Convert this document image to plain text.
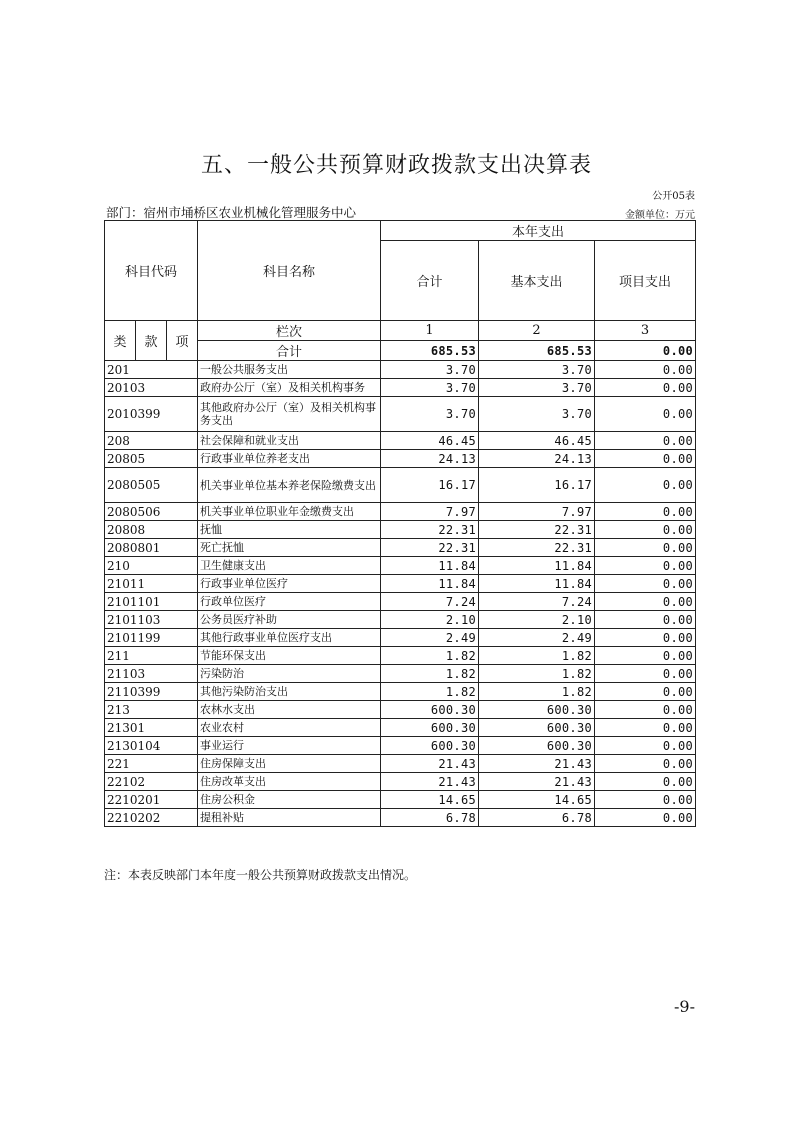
五、一般公共预算财政拨款支出决算表
公开05表
部门：宿州市埇桥区农业机械化管理服务中心	金额单位：万元
科目代码			科目名称	本年支出		
				合计	基本支出	项目支出
类	款	项	栏次	1	2	3
			合计	685.53	685.53	0.00
201			一般公共服务支出	3.70	3.70	0.00
20103			政府办公厅（室）及相关机构事务	3.70	3.70	0.00
2010399			其他政府办公厅（室）及相关机构事务支出	3.70	3.70	0.00
208			社会保障和就业支出	46.45	46.45	0.00
20805			行政事业单位养老支出	24.13	24.13	0.00
2080505			机关事业单位基本养老保险缴费支出	16.17	16.17	0.00
2080506			机关事业单位职业年金缴费支出	7.97	7.97	0.00
20808			抚恤	22.31	22.31	0.00
2080801			死亡抚恤	22.31	22.31	0.00
210			卫生健康支出	11.84	11.84	0.00
21011			行政事业单位医疗	11.84	11.84	0.00
2101101			行政单位医疗	7.24	7.24	0.00
2101103			公务员医疗补助	2.10	2.10	0.00
2101199			其他行政事业单位医疗支出	2.49	2.49	0.00
211			节能环保支出	1.82	1.82	0.00
21103			污染防治	1.82	1.82	0.00
2110399			其他污染防治支出	1.82	1.82	0.00
213			农林水支出	600.30	600.30	0.00
21301			农业农村	600.30	600.30	0.00
2130104			事业运行	600.30	600.30	0.00
221			住房保障支出	21.43	21.43	0.00
22102			住房改革支出	21.43	21.43	0.00
2210201			住房公积金	14.65	14.65	0.00
2210202			提租补贴	6.78	6.78	0.00
注：本表反映部门本年度一般公共预算财政拨款支出情况。
-9-
